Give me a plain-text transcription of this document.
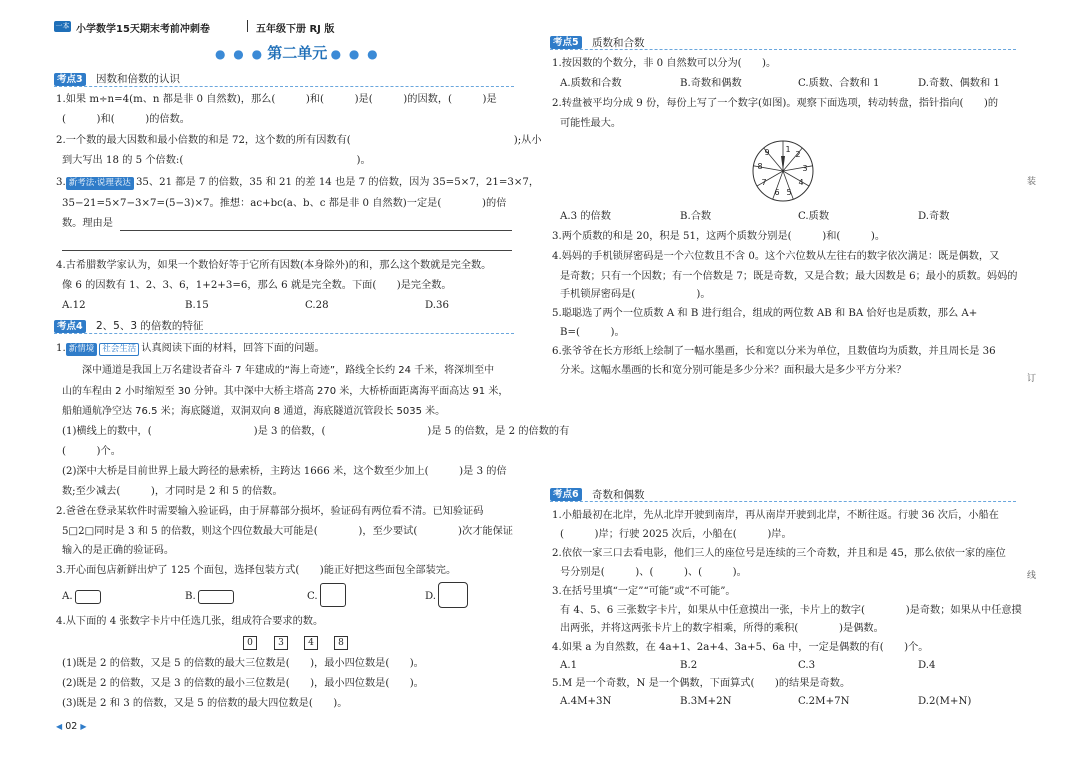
一本 小学数学15天期末考前冲刺卷	五年级下册 RJ 版
● ● ● 第二单元 ● ● ●
考点3 因数和倍数的认识
1.如果 m÷n=4(m、n 都是非 0 自然数)，那么(　　　)和(　　　)是(　　　)的因数，(　　　)是
(　　　)和(　　　)的倍数。
2.一个数的最大因数和最小倍数的和是 72，这个数的所有因数有(　　　　　　　　　　　　　　　　);从小
到大写出 18 的 5 个倍数:(　　　　　　　　　　　　　　　　　)。
3. 新考法·说理表达 35、21 都是 7 的倍数，35 和 21 的差 14 也是 7 的倍数，因为 35=5×7，21=3×7，
35−21=5×7−3×7=(5−3)×7。推想：ac+bc(a、b、c 都是非 0 自然数)一定是(　　　　)的倍
数。理由是
4.古希腊数学家认为，如果一个数恰好等于它所有因数(本身除外)的和，那么这个数就是完全数。
像 6 的因数有 1、2、3、6，1+2+3=6，那么 6 就是完全数。下面(　　)是完全数。
A.12	B.15	C.28	D.36
考点4 2、5、3 的倍数的特征
1. 新情境 社会生活 认真阅读下面的材料，回答下面的问题。
　　深中通道是我国上万名建设者奋斗 7 年建成的“海上奇迹”，路线全长约 24 千米，将深圳至中
山的车程由 2 小时缩短至 30 分钟。其中深中大桥主塔高 270 米，大桥桥面距离海平面高达 91 米，
船舶通航净空达 76.5 米；海底隧道，双洞双向 8 通道，海底隧道沉管段长 5035 米。
(1)横线上的数中，(　　　　　　　　　　)是 3 的倍数，(　　　　　　　　　　)是 5 的倍数，是 2 的倍数的有
(　　　)个。
(2)深中大桥是目前世界上最大跨径的悬索桥，主跨达 1666 米，这个数至少加上(　　　)是 3 的倍
数;至少减去(　　　)，才同时是 2 和 5 的倍数。
2.爸爸在登录某软件时需要输入验证码，由于屏幕部分损坏，验证码有两位看不清。已知验证码
5□2□同时是 3 和 5 的倍数，则这个四位数最大可能是(　　　　)，至少要试(　　　　)次才能保证
输入的是正确的验证码。
3.开心面包店新鲜出炉了 125 个面包，选择包装方式(　　)能正好把这些面包全部装完。
A.	B.	C.	D.
4.从下面的 4 张数字卡片中任选几张，组成符合要求的数。
0	3	4	8
(1)既是 2 的倍数，又是 5 的倍数的最大三位数是(　　)，最小四位数是(　　)。
(2)既是 2 的倍数，又是 3 的倍数的最小三位数是(　　)，最小四位数是(　　)。
(3)既是 2 和 3 的倍数，又是 5 的倍数的最大四位数是(　　)。
◀ 02 ▶
考点5 质数和合数
1.按因数的个数分，非 0 自然数可以分为(　　)。
A.质数和合数	B.奇数和偶数	C.质数、合数和 1	D.奇数、偶数和 1
2.转盘被平均分成 9 份，每份上写了一个数字(如图)。观察下面选项，转动转盘，指针指向(　　)的
可能性最大。
1
2
3
4
5
6
7
8
9
A.3 的倍数	B.合数	C.质数	D.奇数
3.两个质数的和是 20，积是 51，这两个质数分别是(　　　)和(　　　)。
4.妈妈的手机锁屏密码是一个六位数且不含 0。这个六位数从左往右的数字依次满足：既是偶数，又
是奇数；只有一个因数；有一个倍数是 7；既是奇数，又是合数；最大因数是 6；最小的质数。妈妈的
手机锁屏密码是(　　　　　　)。
5.聪聪选了两个一位质数 A 和 B 进行组合，组成的两位数 AB 和 BA 恰好也是质数，那么 A+
B=(　　　)。
6.张爷爷在长方形纸上绘制了一幅水墨画，长和宽以分米为单位，且数值均为质数，并且周长是 36
分米。这幅水墨画的长和宽分别可能是多少分米？面积最大是多少平方分米？
考点6 奇数和偶数
1.小船最初在北岸，先从北岸开驶到南岸，再从南岸开驶到北岸，不断往返。行驶 36 次后，小船在
(　　　)岸；行驶 2025 次后，小船在(　　　)岸。
2.依依一家三口去看电影，他们三人的座位号是连续的三个奇数，并且和是 45，那么依依一家的座位
号分别是(　　　)、(　　　)、(　　　)。
3.在括号里填“一定”“可能”或“不可能”。
有 4、5、6 三张数字卡片，如果从中任意摸出一张，卡片上的数字(　　　　)是奇数；如果从中任意摸
出两张，并将这两张卡片上的数字相乘，所得的乘积(　　　　)是偶数。
4.如果 a 为自然数，在 4a+1、2a+4、3a+5、6a 中，一定是偶数的有(　　)个。
A.1	B.2	C.3	D.4
5.M 是一个奇数，N 是一个偶数，下面算式(　　)的结果是奇数。
A.4M+3N	B.3M+2N	C.2M+7N	D.2(M+N)
装
订
线
